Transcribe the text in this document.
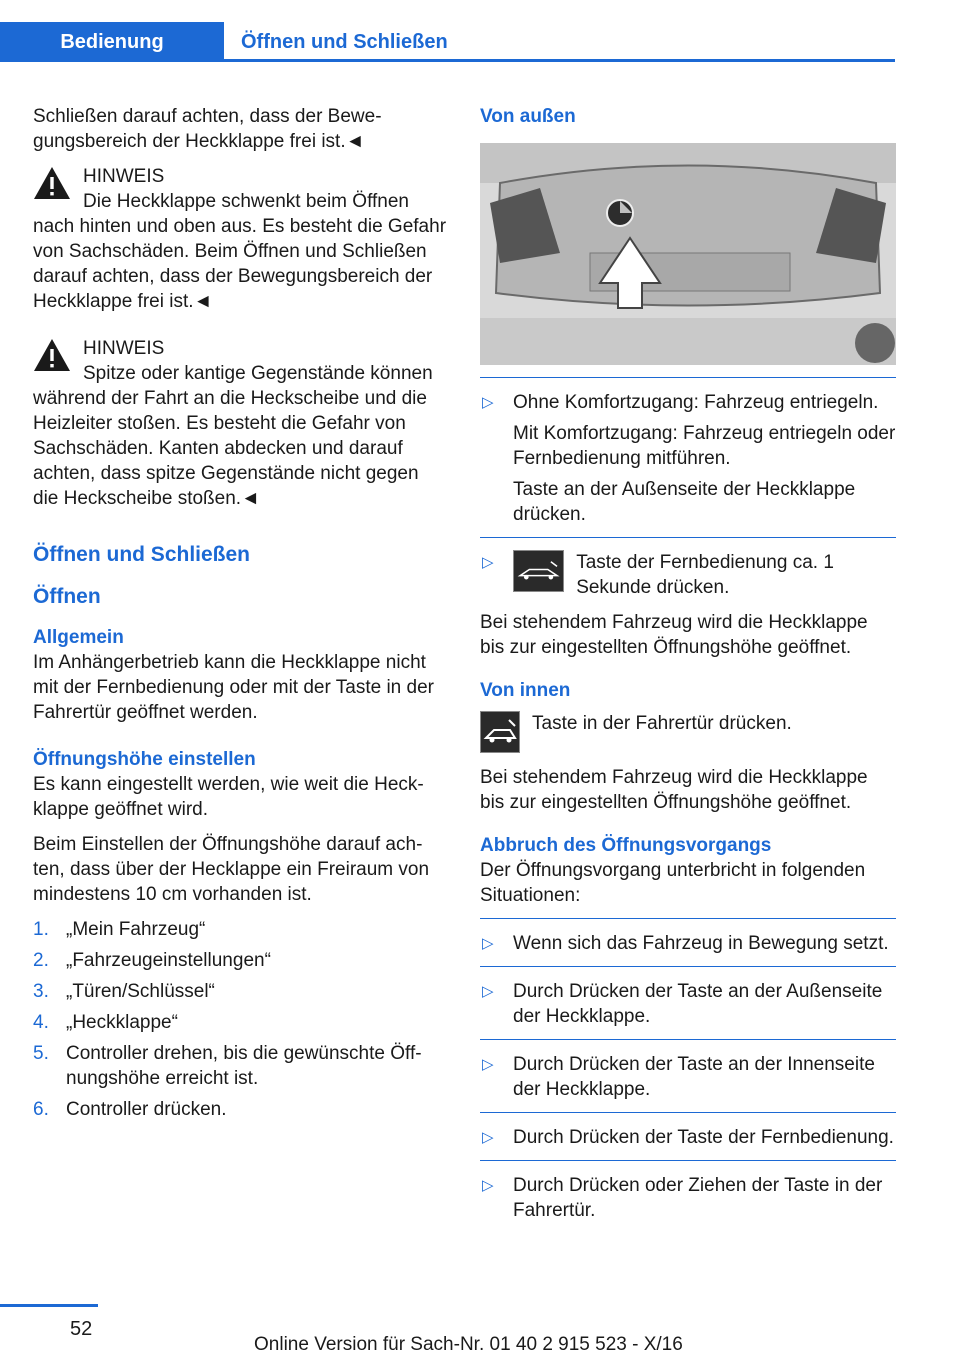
Bedienung	Öffnen und Schließen

Schließen darauf achten, dass der Bewegungsbereich der Heckklappe frei ist.◄

HINWEIS
Die Heckklappe schwenkt beim Öffnen nach hinten und oben aus. Es besteht die Gefahr von Sachschäden. Beim Öffnen und Schließen darauf achten, dass der Bewegungsbereich der Heckklappe frei ist.◄
HINWEIS
Spitze oder kantige Gegenstände können während der Fahrt an die Heckscheibe und die Heizleiter stoßen. Es besteht die Gefahr von Sachschäden. Kanten abdecken und darauf achten, dass spitze Gegenstände nicht gegen die Heckscheibe stoßen.◄
Öffnen und Schließen
Öffnen
Allgemein

Im Anhängerbetrieb kann die Heckklappe nicht mit der Fernbedienung oder mit der Taste in der Fahrertür geöffnet werden.

Öffnungshöhe einstellen

Es kann eingestellt werden, wie weit die Heckklappe geöffnet wird.

Beim Einstellen der Öffnungshöhe darauf achten, dass über der Hecklappe ein Freiraum von mindestens 10 cm vorhanden ist.

1. „Mein Fahrzeug“
2. „Fahrzeugeinstellungen“
3. „Türen/Schlüssel“
4. „Heckklappe“
5. Controller drehen, bis die gewünschte Öffnungshöhe erreicht ist.
6. Controller drücken.
Von außen
▷ Ohne Komfortzugang: Fahrzeug entriegeln.

Mit Komfortzugang: Fahrzeug entriegeln oder Fernbedienung mitführen.

Taste an der Außenseite der Heckklappe drücken.

▷	Taste der Fernbedienung ca. 1 Sekunde drücken.

Bei stehendem Fahrzeug wird die Heckklappe bis zur eingestellten Öffnungshöhe geöffnet.

Von innen
Taste in der Fahrertür drücken.

Bei stehendem Fahrzeug wird die Heckklappe bis zur eingestellten Öffnungshöhe geöffnet.

Abbruch des Öffnungsvorgangs

Der Öffnungsvorgang unterbricht in folgenden Situationen:

▷ Wenn sich das Fahrzeug in Bewegung setzt.
▷ Durch Drücken der Taste an der Außenseite der Heckklappe.
▷ Durch Drücken der Taste an der Innenseite der Heckklappe.
▷ Durch Drücken der Taste der Fernbedienung.
▷ Durch Drücken oder Ziehen der Taste in der Fahrertür.
52
Online Version für Sach-Nr. 01 40 2 915 523 - X/16
